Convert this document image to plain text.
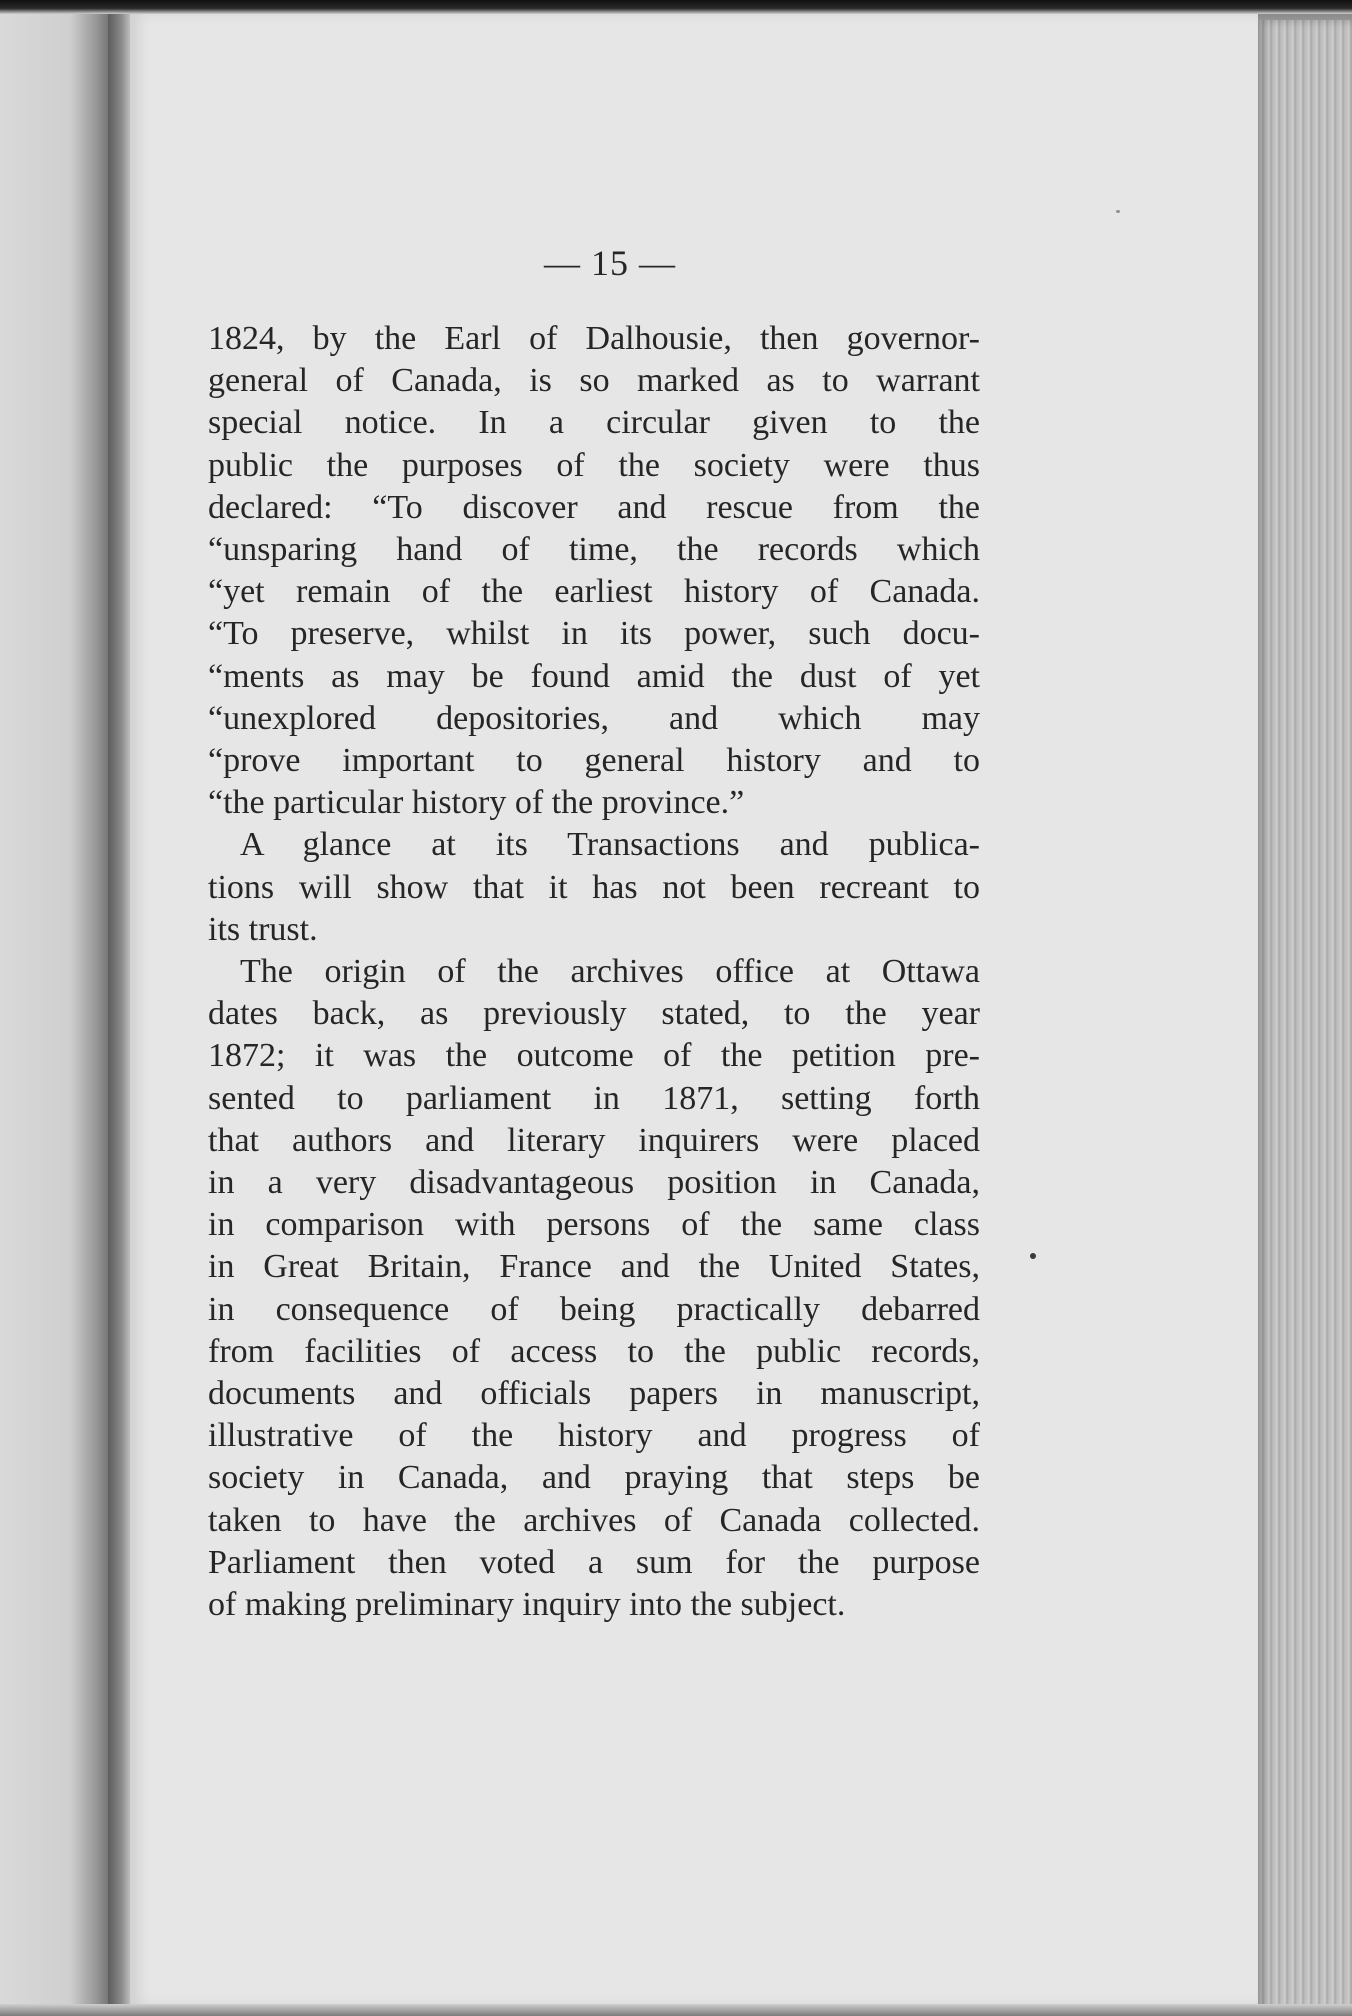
— 15 —
1824, by the Earl of Dalhousie, then governor-
general of Canada, is so marked as to warrant
special notice. In a circular given to the
public the purposes of the society were thus
declared: “To discover and rescue from the
“unsparing hand of time, the records which
“yet remain of the earliest history of Canada.
“To preserve, whilst in its power, such docu-
“ments as may be found amid the dust of yet
“unexplored depositories, and which may
“prove important to general history and to
“the particular history of the province.”
A glance at its Transactions and publica-
tions will show that it has not been recreant to
its trust.
The origin of the archives office at Ottawa
dates back, as previously stated, to the year
1872; it was the outcome of the petition pre-
sented to parliament in 1871, setting forth
that authors and literary inquirers were placed
in a very disadvantageous position in Canada,
in comparison with persons of the same class
in Great Britain, France and the United States,
in consequence of being practically debarred
from facilities of access to the public records,
documents and officials papers in manuscript,
illustrative of the history and progress of
society in Canada, and praying that steps be
taken to have the archives of Canada collected.
Parliament then voted a sum for the purpose
of making preliminary inquiry into the subject.
